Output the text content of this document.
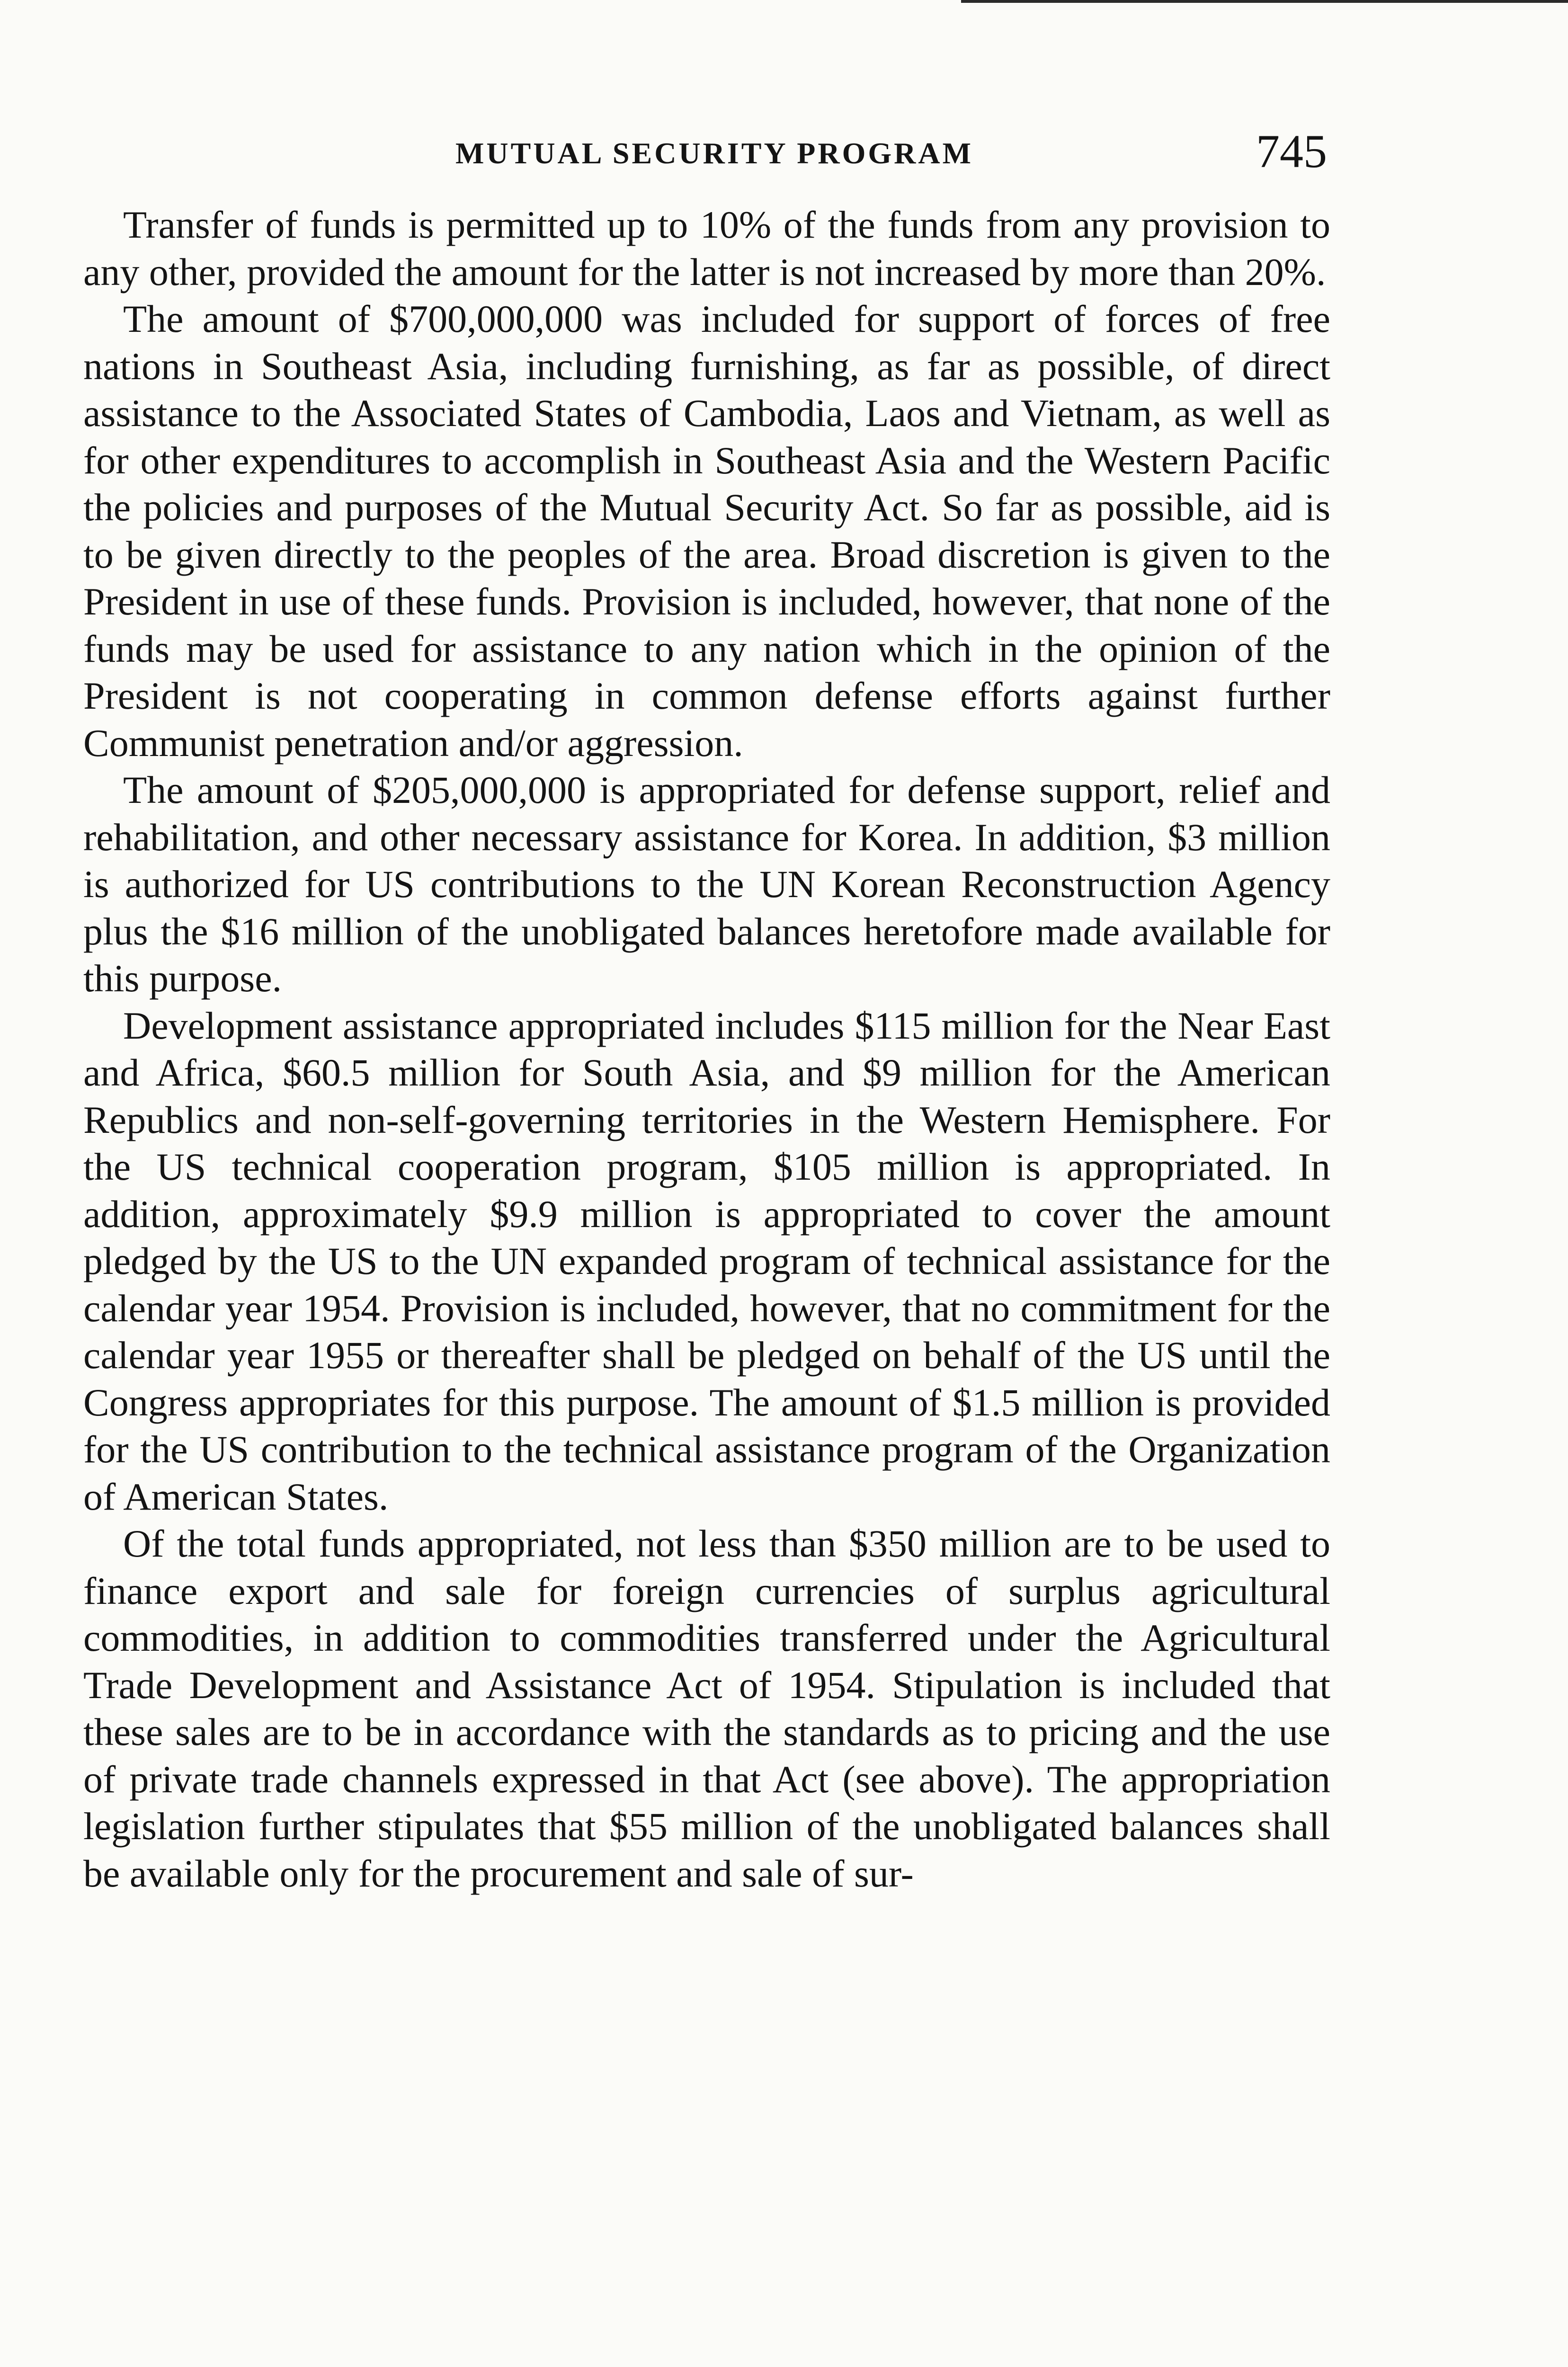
MUTUAL SECURITY PROGRAM	745

Transfer of funds is permitted up to 10% of the funds from any provision to any other, provided the amount for the latter is not increased by more than 20%.

The amount of $700,000,000 was included for support of forces of free nations in Southeast Asia, including furnishing, as far as possible, of direct assistance to the Associated States of Cambodia, Laos and Vietnam, as well as for other expenditures to accomplish in Southeast Asia and the Western Pacific the policies and purposes of the Mutual Security Act. So far as possible, aid is to be given directly to the peoples of the area. Broad discretion is given to the President in use of these funds. Provision is included, however, that none of the funds may be used for assistance to any nation which in the opinion of the President is not cooperating in common defense efforts against further Communist penetration and/or aggression.

The amount of $205,000,000 is appropriated for defense support, relief and rehabilitation, and other necessary assistance for Korea. In addition, $3 million is authorized for US contributions to the UN Korean Reconstruction Agency plus the $16 million of the unobligated balances heretofore made available for this purpose.

Development assistance appropriated includes $115 million for the Near East and Africa, $60.5 million for South Asia, and $9 million for the American Republics and non-self-governing territories in the Western Hemisphere. For the US technical cooperation program, $105 million is appropriated. In addition, approximately $9.9 million is appropriated to cover the amount pledged by the US to the UN expanded program of technical assistance for the calendar year 1954. Provision is included, however, that no commitment for the calendar year 1955 or thereafter shall be pledged on behalf of the US until the Congress appropriates for this purpose. The amount of $1.5 million is provided for the US contribution to the technical assistance program of the Organization of American States.

Of the total funds appropriated, not less than $350 million are to be used to finance export and sale for foreign currencies of surplus agricultural commodities, in addition to commodities transferred under the Agricultural Trade Development and Assistance Act of 1954. Stipulation is included that these sales are to be in accordance with the standards as to pricing and the use of private trade channels expressed in that Act (see above). The appropriation legislation further stipulates that $55 million of the unobligated balances shall be available only for the procurement and sale of sur-
